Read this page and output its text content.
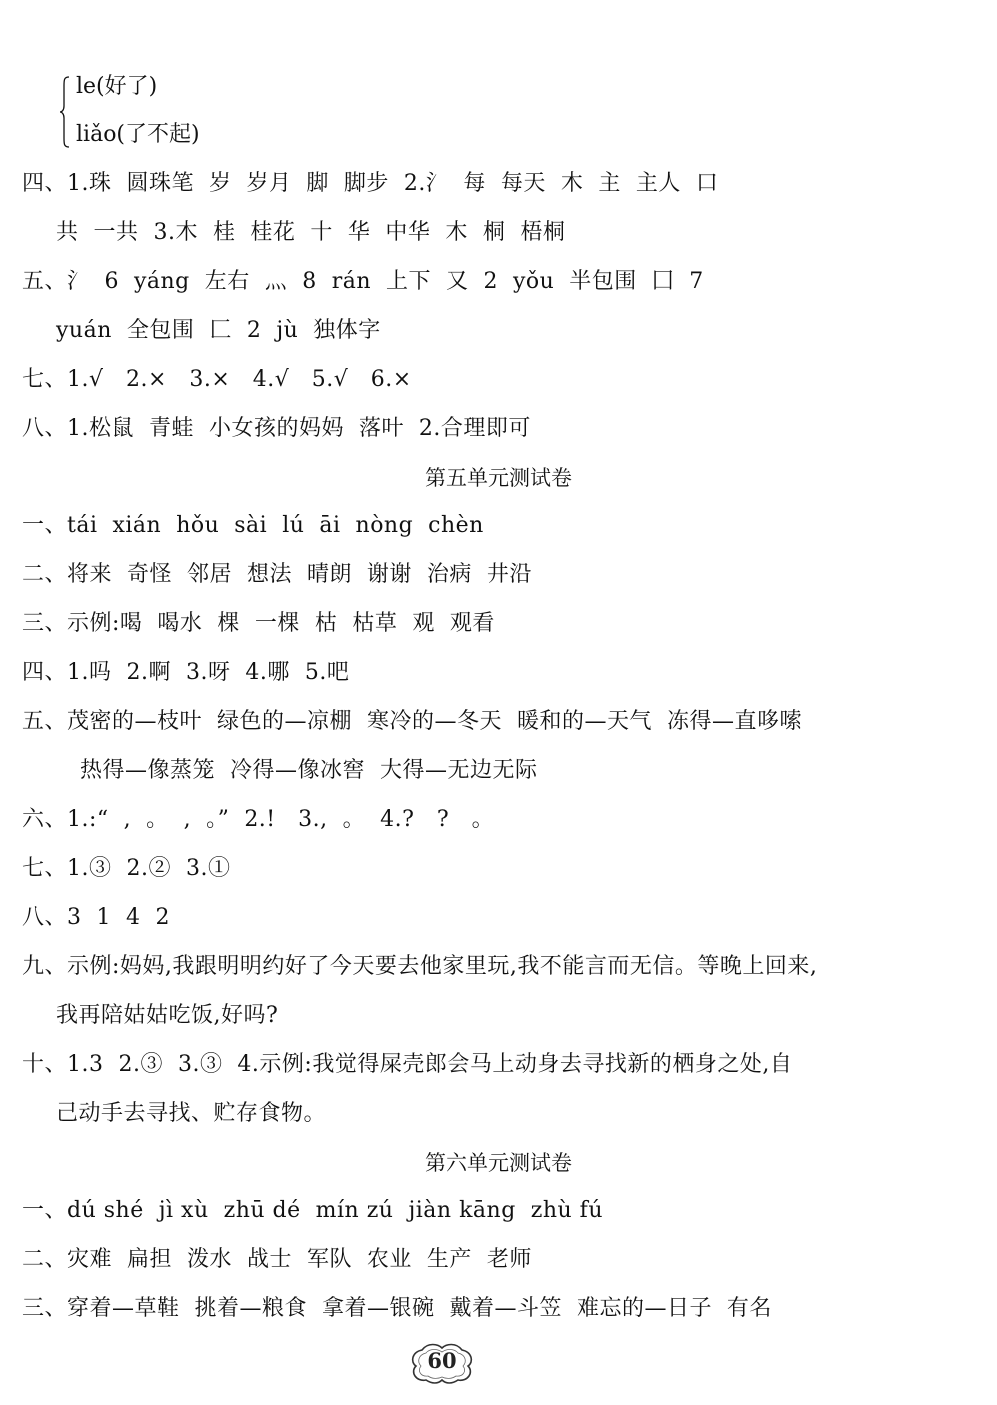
le(好了)
liǎo(了不起)
四、1.珠  圆珠笔  岁  岁月  脚  脚步  2.氵  每  每天  木  主  主人  口
共  一共  3.木  桂  桂花  十  华  中华  木  桐  梧桐
五、氵  6  yáng  左右  灬  8  rán  上下  又  2  yǒu  半包围  囗  7
yuán  全包围  匚  2  jù  独体字
七、1.√   2.×   3.×   4.√   5.√   6.×
八、1.松鼠  青蛙  小女孩的妈妈  落叶  2.合理即可
第五单元测试卷
一、tái  xián  hǒu  sài  lú  āi  nòng  chèn
二、将来  奇怪  邻居  想法  晴朗  谢谢  治病  井沿
三、示例:喝  喝水  棵  一棵  枯  枯草  观  观看
四、1.吗  2.啊  3.呀  4.哪  5.吧
五、茂密的—枝叶  绿色的—凉棚  寒冷的—冬天  暖和的—天气  冻得—直哆嗦
热得—像蒸笼  冷得—像冰窖  大得—无边无际
六、1.:“  ,  。  ,  。”  2.!   3.,  。  4.?   ?   。
七、1.③  2.②  3.①
八、3  1  4  2
九、示例:妈妈,我跟明明约好了今天要去他家里玩,我不能言而无信。等晚上回来,
我再陪姑姑吃饭,好吗?
十、1.3  2.③  3.③  4.示例:我觉得屎壳郎会马上动身去寻找新的栖身之处,自
己动手去寻找、贮存食物。
第六单元测试卷
一、dú shé  jì xù  zhū dé  mín zú  jiàn kāng  zhù fú
二、灾难  扁担  泼水  战士  军队  农业  生产  老师
三、穿着—草鞋  挑着—粮食  拿着—银碗  戴着—斗笠  难忘的—日子  有名
60
